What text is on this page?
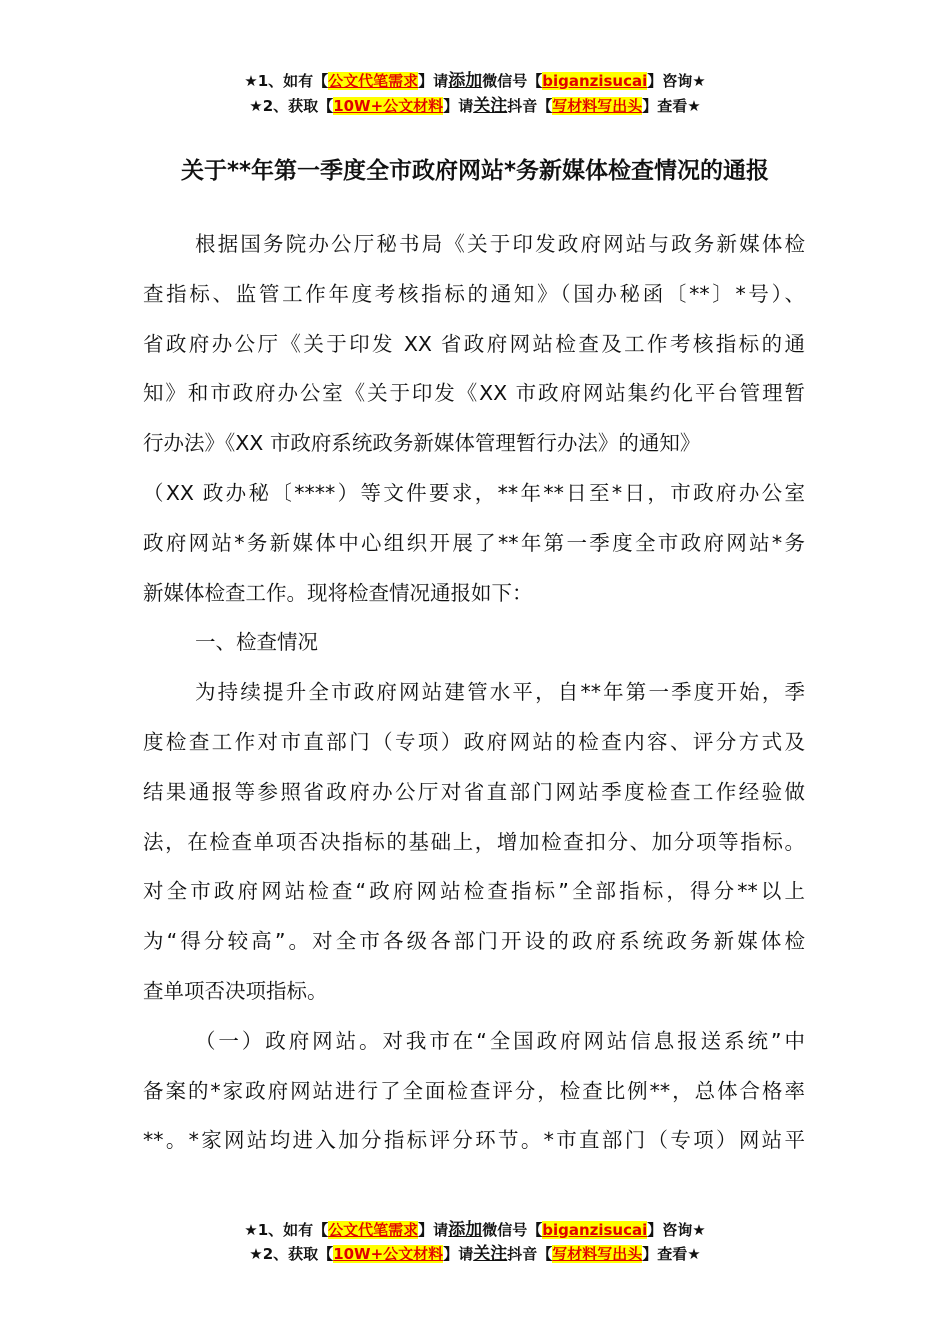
★1、如有【公文代笔需求】请添加微信号【biganzisucai】咨询★
★2、获取【10W+公文材料】请关注抖音【写材料写出头】查看★
关于**年第一季度全市政府网站*务新媒体检查情况的通报
根据国务院办公厅秘书局《关于印发政府网站与政务新媒体检
查指标、监管工作年度考核指标的通知》（国办秘函〔**〕*号）、
省政府办公厅《关于印发 XX 省政府网站检查及工作考核指标的通
知》和市政府办公室《关于印发《XX 市政府网站集约化平台管理暂
行办法》《XX 市政府系统政务新媒体管理暂行办法》的通知》
（XX 政办秘〔****）等文件要求，**年**日至*日，市政府办公室
政府网站*务新媒体中心组织开展了**年第一季度全市政府网站*务
新媒体检查工作。现将检查情况通报如下：
一、检查情况
为持续提升全市政府网站建管水平，自**年第一季度开始，季
度检查工作对市直部门（专项）政府网站的检查内容、评分方式及
结果通报等参照省政府办公厅对省直部门网站季度检查工作经验做
法，在检查单项否决指标的基础上，增加检查扣分、加分项等指标。
对全市政府网站检查“政府网站检查指标”全部指标，得分**以上
为“得分较高”。对全市各级各部门开设的政府系统政务新媒体检
查单项否决项指标。
（一）政府网站。对我市在“全国政府网站信息报送系统”中
备案的*家政府网站进行了全面检查评分，检查比例**，总体合格率
**。*家网站均进入加分指标评分环节。*市直部门（专项）网站平
★1、如有【公文代笔需求】请添加微信号【biganzisucai】咨询★
★2、获取【10W+公文材料】请关注抖音【写材料写出头】查看★
